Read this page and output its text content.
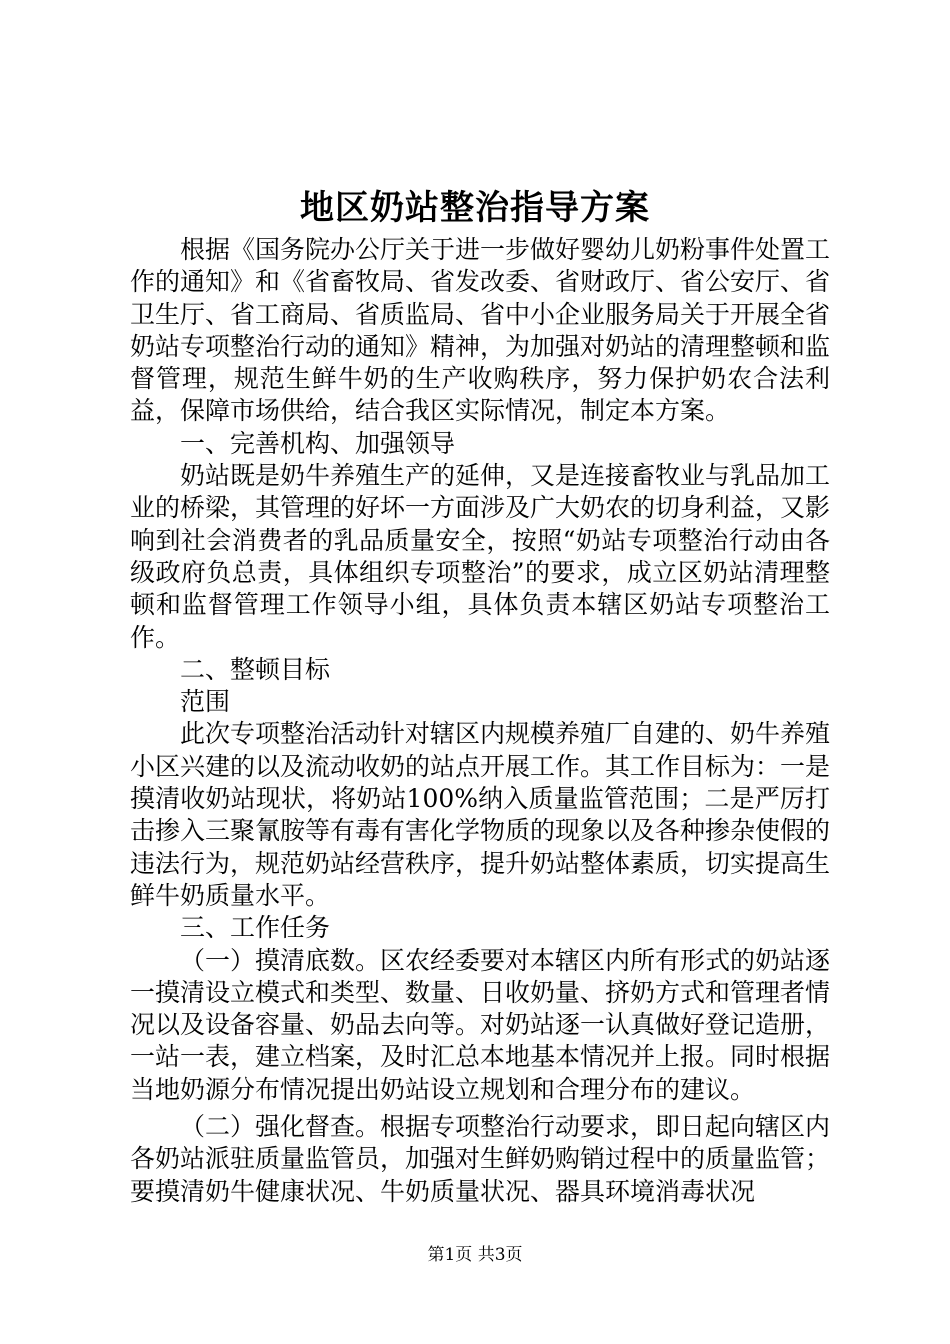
地区奶站整治指导方案

根据《国务院办公厅关于进一步做好婴幼儿奶粉事件处置工作的通知》和《省畜牧局、省发改委、省财政厅、省公安厅、省卫生厅、省工商局、省质监局、省中小企业服务局关于开展全省奶站专项整治行动的通知》精神，为加强对奶站的清理整顿和监督管理，规范生鲜牛奶的生产收购秩序，努力保护奶农合法利益，保障市场供给，结合我区实际情况，制定本方案。

一、完善机构、加强领导

奶站既是奶牛养殖生产的延伸，又是连接畜牧业与乳品加工业的桥梁，其管理的好坏一方面涉及广大奶农的切身利益，又影响到社会消费者的乳品质量安全，按照“奶站专项整治行动由各级政府负总责，具体组织专项整治”的要求，成立区奶站清理整顿和监督管理工作领导小组，具体负责本辖区奶站专项整治工作。

二、整顿目标

范围

此次专项整治活动针对辖区内规模养殖厂自建的、奶牛养殖小区兴建的以及流动收奶的站点开展工作。其工作目标为：一是摸清收奶站现状，将奶站100%纳入质量监管范围；二是严厉打击掺入三聚氰胺等有毒有害化学物质的现象以及各种掺杂使假的违法行为，规范奶站经营秩序，提升奶站整体素质，切实提高生鲜牛奶质量水平。

三、工作任务

（一）摸清底数。区农经委要对本辖区内所有形式的奶站逐一摸清设立模式和类型、数量、日收奶量、挤奶方式和管理者情况以及设备容量、奶品去向等。对奶站逐一认真做好登记造册，一站一表，建立档案，及时汇总本地基本情况并上报。同时根据当地奶源分布情况提出奶站设立规划和合理分布的建议。

（二）强化督查。根据专项整治行动要求，即日起向辖区内各奶站派驻质量监管员，加强对生鲜奶购销过程中的质量监管；要摸清奶牛健康状况、牛奶质量状况、器具环境消毒状况

第1页 共3页
